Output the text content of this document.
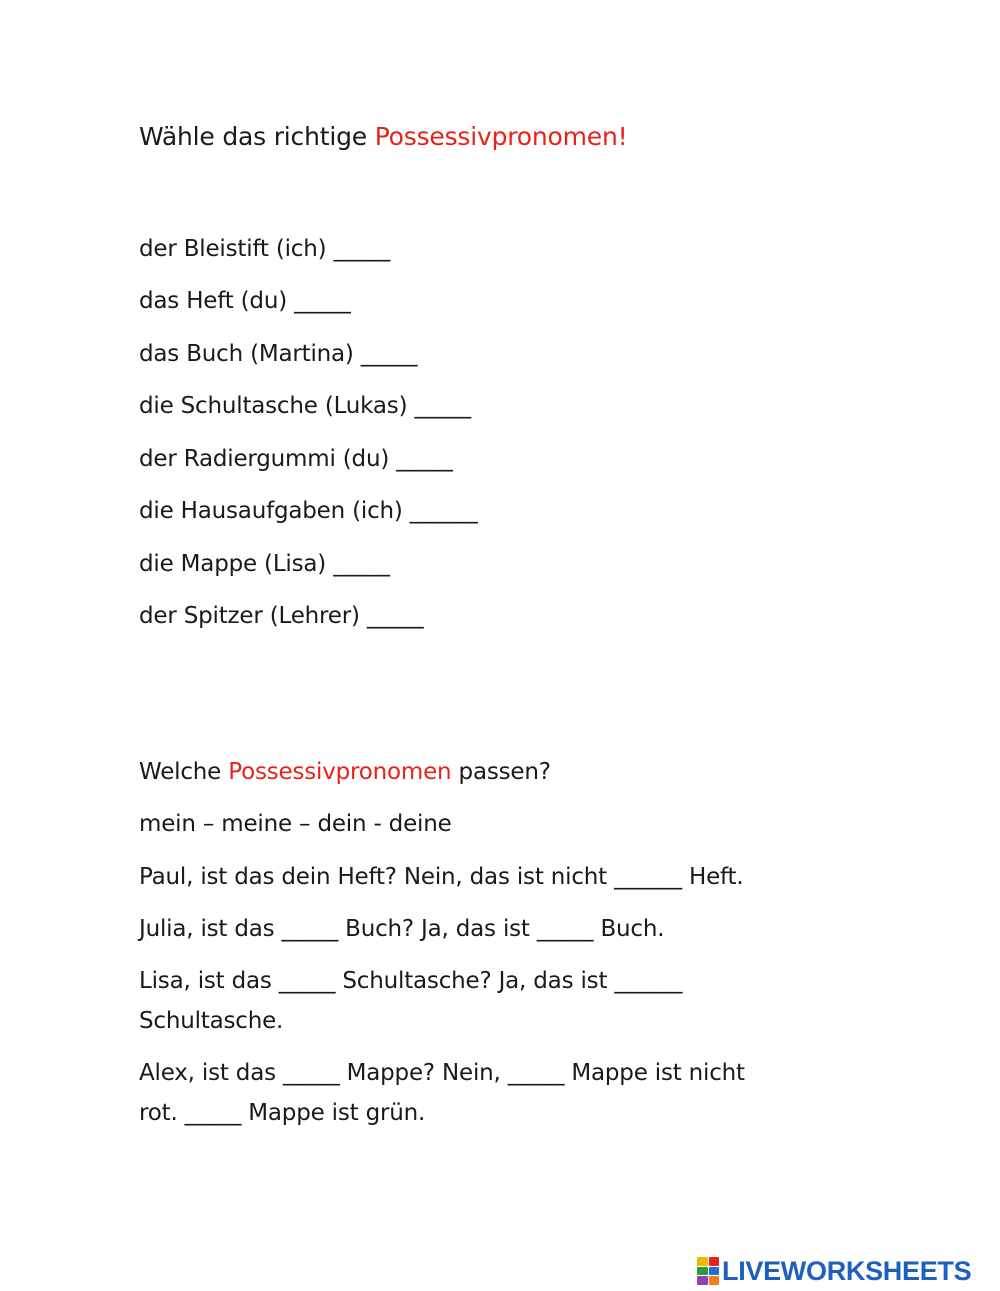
Wähle das richtige Possessivpronomen!
der Bleistift (ich) _____
das Heft (du) _____
das Buch (Martina) _____
die Schultasche (Lukas) _____
der Radiergummi (du) _____
die Hausaufgaben (ich) ______
die Mappe (Lisa) _____
der Spitzer (Lehrer) _____
Welche Possessivpronomen passen?
mein – meine – dein - deine
Paul, ist das dein Heft? Nein, das ist nicht ______ Heft.
Julia, ist das _____ Buch? Ja, das ist _____ Buch.
Lisa, ist das _____ Schultasche? Ja, das ist ______
Schultasche.
Alex, ist das _____ Mappe? Nein, _____ Mappe ist nicht
rot. _____ Mappe ist grün.
LIVEWORKSHEETS
